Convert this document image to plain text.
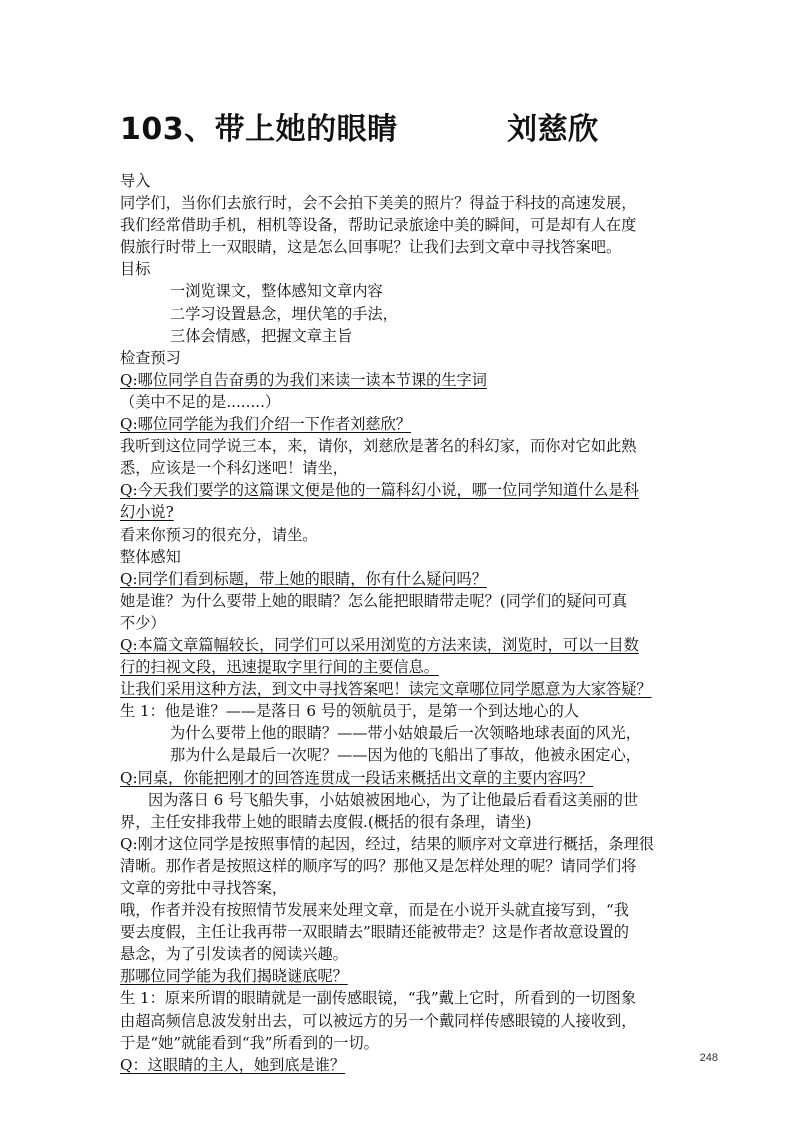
103、带上她的眼睛          刘慈欣

导入

同学们，当你们去旅行时，会不会拍下美美的照片？得益于科技的高速发展，

我们经常借助手机，相机等设备，帮助记录旅途中美的瞬间，可是却有人在度

假旅行时带上一双眼睛，这是怎么回事呢？让我们去到文章中寻找答案吧。

目标

一浏览课文，整体感知文章内容

二学习设置悬念，埋伏笔的手法，

三体会情感，把握文章主旨

检查预习

Q:哪位同学自告奋勇的为我们来读一读本节课的生字词

（美中不足的是........）

Q:哪位同学能为我们介绍一下作者刘慈欣？

我听到这位同学说三本，来，请你，刘慈欣是著名的科幻家，而你对它如此熟

悉，应该是一个科幻迷吧！请坐，

Q:今天我们要学的这篇课文便是他的一篇科幻小说，哪一位同学知道什么是科

幻小说?

看来你预习的很充分，请坐。

整体感知

Q:同学们看到标题，带上她的眼睛，你有什么疑问吗？

她是谁？为什么要带上她的眼睛？怎么能把眼睛带走呢？(同学们的疑问可真

不少）

Q:本篇文章篇幅较长，同学们可以采用浏览的方法来读，浏览时，可以一目数

行的扫视文段，迅速提取字里行间的主要信息。

让我们采用这种方法，到文中寻找答案吧！读完文章哪位同学愿意为大家答疑？

生 1：他是谁？——是落日 6 号的领航员于，是第一个到达地心的人

为什么要带上他的眼睛？——带小姑娘最后一次领略地球表面的风光，

那为什么是最后一次呢？——因为他的飞船出了事故，他被永困定心，

Q:同桌，你能把刚才的回答连贯成一段话来概括出文章的主要内容吗？

因为落日 6 号飞船失事，小姑娘被困地心，为了让他最后看看这美丽的世

界，主任安排我带上她的眼睛去度假.(概括的很有条理，请坐)

Q:刚才这位同学是按照事情的起因，经过，结果的顺序对文章进行概括，条理很

清晰。那作者是按照这样的顺序写的吗？那他又是怎样处理的呢？请同学们将

文章的旁批中寻找答案，

哦，作者并没有按照情节发展来处理文章，而是在小说开头就直接写到，“我

要去度假，主任让我再带一双眼睛去”眼睛还能被带走？这是作者故意设置的

悬念，为了引发读者的阅读兴趣。

那哪位同学能为我们揭晓谜底呢？

生 1：原来所谓的眼睛就是一副传感眼镜，“我”戴上它时，所看到的一切图象

由超高频信息波发射出去，可以被远方的另一个戴同样传感眼镜的人接收到，

于是“她”就能看到“我”所看到的一切。

Q：这眼睛的主人，她到底是谁？	248
